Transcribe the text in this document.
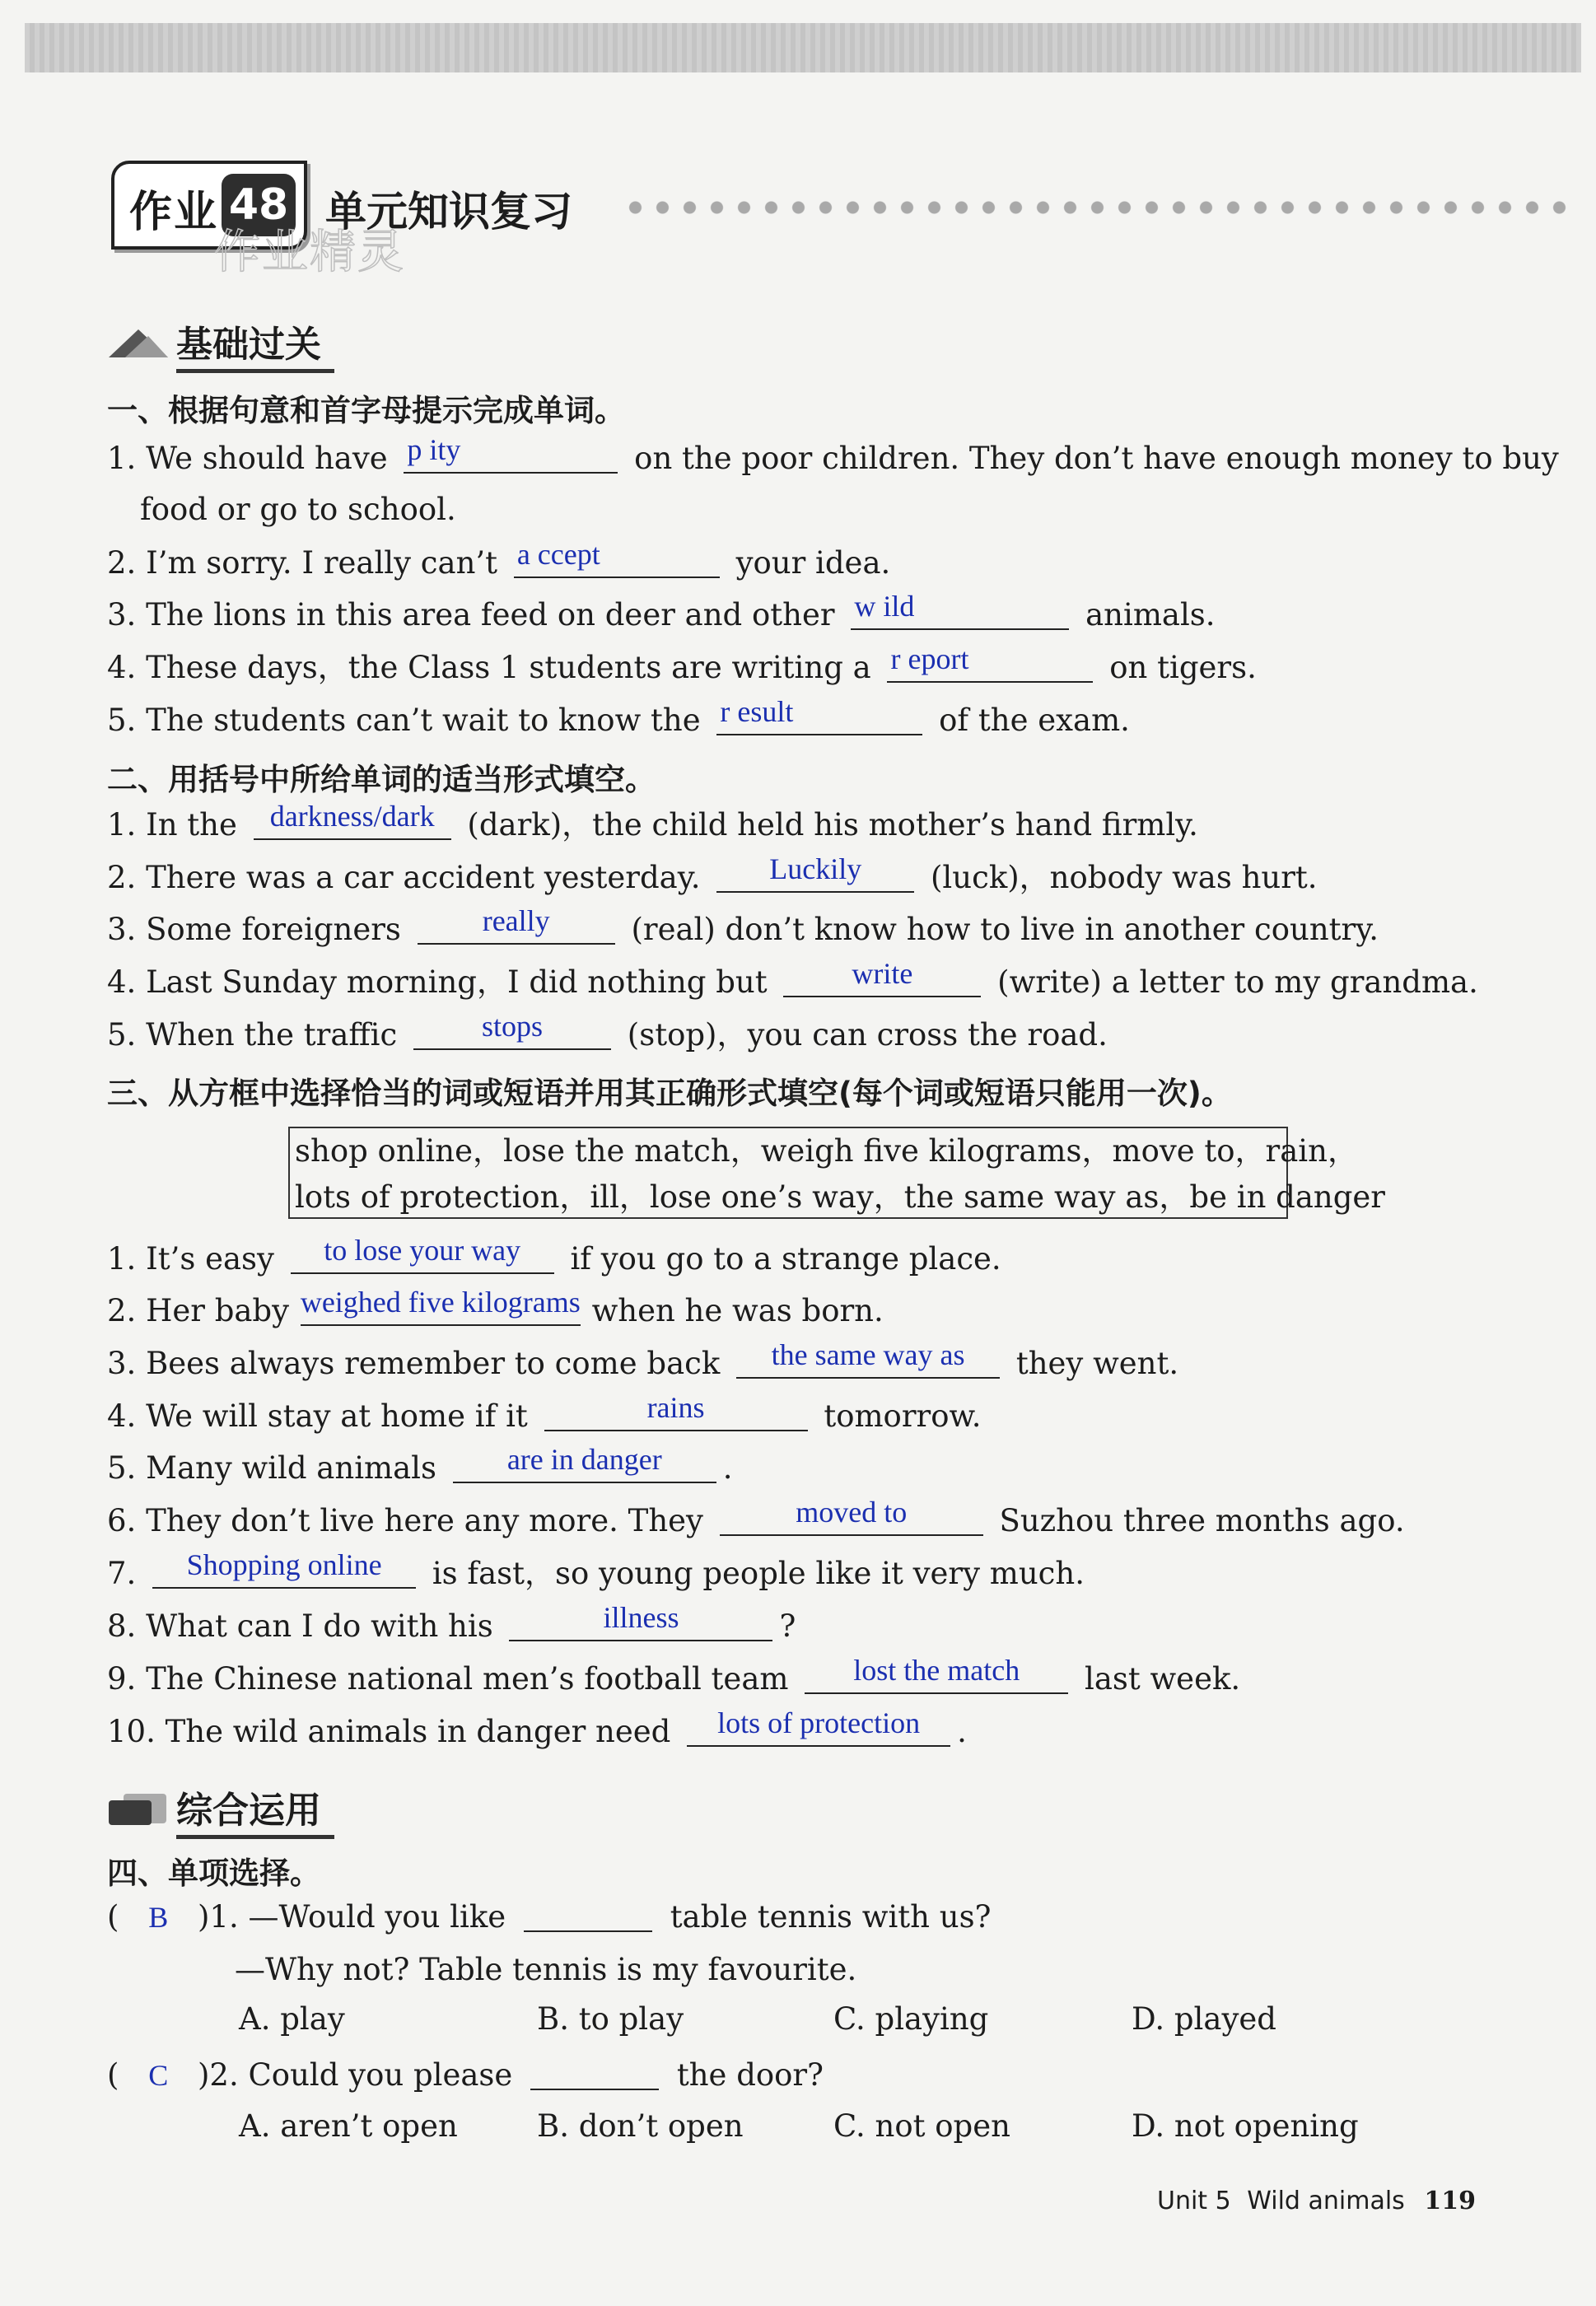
作业 48 单元知识复习
作业精灵
基础过关
一、根据句意和首字母提示完成单词。
1. We should have p ity	on the poor children. They don’t have enough money to buy
food or go to school.
2. I’m sorry. I really can’t a ccept	your idea.
3. The lions in this area feed on deer and other w ild	animals.
4. These days，the Class 1 students are writing a r eport	on tigers.
5. The students can’t wait to know the r esult	of the exam.
二、用括号中所给单词的适当形式填空。
1. In the	darkness/dark	(dark)，the child held his mother’s hand firmly.
2. There was a car accident yesterday.	Luckily	(luck)，nobody was hurt.
3. Some foreigners	really	(real) don’t know how to live in another country.
4. Last Sunday morning，I did nothing but	write	(write) a letter to my grandma.
5. When the traffic	stops	(stop)，you can cross the road.
三、从方框中选择恰当的词或短语并用其正确形式填空(每个词或短语只能用一次)。
shop online，lose the match，weigh five kilograms，move to，rain，
lots of protection，ill，lose one’s way，the same way as，be in danger
1. It’s easy	to lose your way	if you go to a strange place.
2. Her baby weighed five kilograms when he was born.
3. Bees always remember to come back	the same way as	they went.
4. We will stay at home if it	rains	tomorrow.
5. Many wild animals	are in danger	.
6. They don’t live here any more. They	moved to	Suzhou three months ago.
7.	Shopping online	is fast，so young people like it very much.
8. What can I do with his	illness	?
9. The Chinese national men’s football team	lost the match	last week.
10. The wild animals in danger need	lots of protection	.
综合运用
四、单项选择。
( B )1. —Would you like	table tennis with us?
—Why not? Table tennis is my favourite.
A. play	B. to play	C. playing	D. played
( C )2. Could you please	the door?
A. aren’t open	B. don’t open	C. not open	D. not opening
Unit 5 Wild animals 119
